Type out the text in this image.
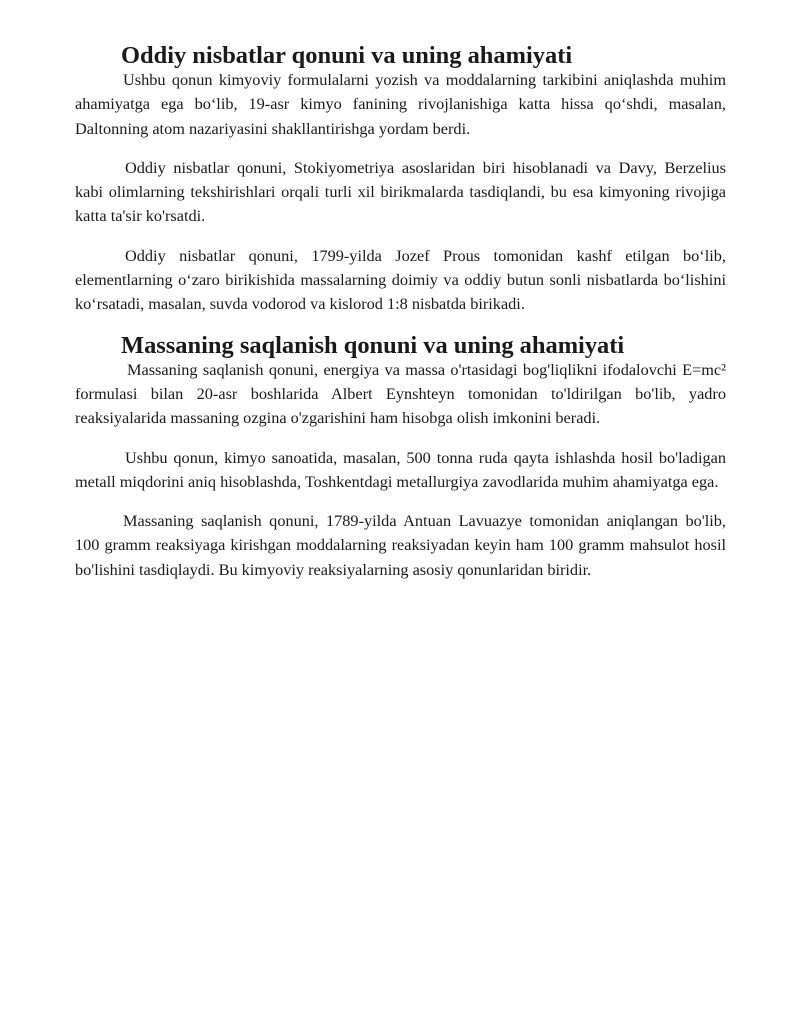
Oddiy nisbatlar qonuni va uning ahamiyati

Ushbu qonun kimyoviy formulalarni yozish va moddalarning tarkibini aniqlashda muhim ahamiyatga ega bo‘lib, 19-asr kimyo fanining rivojlanishiga katta hissa qo‘shdi, masalan, Daltonning atom nazariyasini shakllantirishga yordam berdi.

Oddiy nisbatlar qonuni, Stokiyometriya asoslaridan biri hisoblanadi va Davy, Berzelius kabi olimlarning tekshirishlari orqali turli xil birikmalarda tasdiqlandi, bu esa kimyoning rivojiga katta ta'sir ko'rsatdi.

Oddiy nisbatlar qonuni, 1799-yilda Jozef Prous tomonidan kashf etilgan bo‘lib, elementlarning o‘zaro birikishida massalarning doimiy va oddiy butun sonli nisbatlarda bo‘lishini ko‘rsatadi, masalan, suvda vodorod va kislorod 1:8 nisbatda birikadi.

Massaning saqlanish qonuni va uning ahamiyati

Massaning saqlanish qonuni, energiya va massa o'rtasidagi bog'liqlikni ifodalovchi E=mc² formulasi bilan 20-asr boshlarida Albert Eynshteyn tomonidan to'ldirilgan bo'lib, yadro reaksiyalarida massaning ozgina o'zgarishini ham hisobga olish imkonini beradi.

Ushbu qonun, kimyo sanoatida, masalan, 500 tonna ruda qayta ishlashda hosil bo'ladigan metall miqdorini aniq hisoblashda, Toshkentdagi metallurgiya zavodlarida muhim ahamiyatga ega.

Massaning saqlanish qonuni, 1789-yilda Antuan Lavuazye tomonidan aniqlangan bo'lib, 100 gramm reaksiyaga kirishgan moddalarning reaksiyadan keyin ham 100 gramm mahsulot hosil bo'lishini tasdiqlaydi. Bu kimyoviy reaksiyalarning asosiy qonunlaridan biridir.
